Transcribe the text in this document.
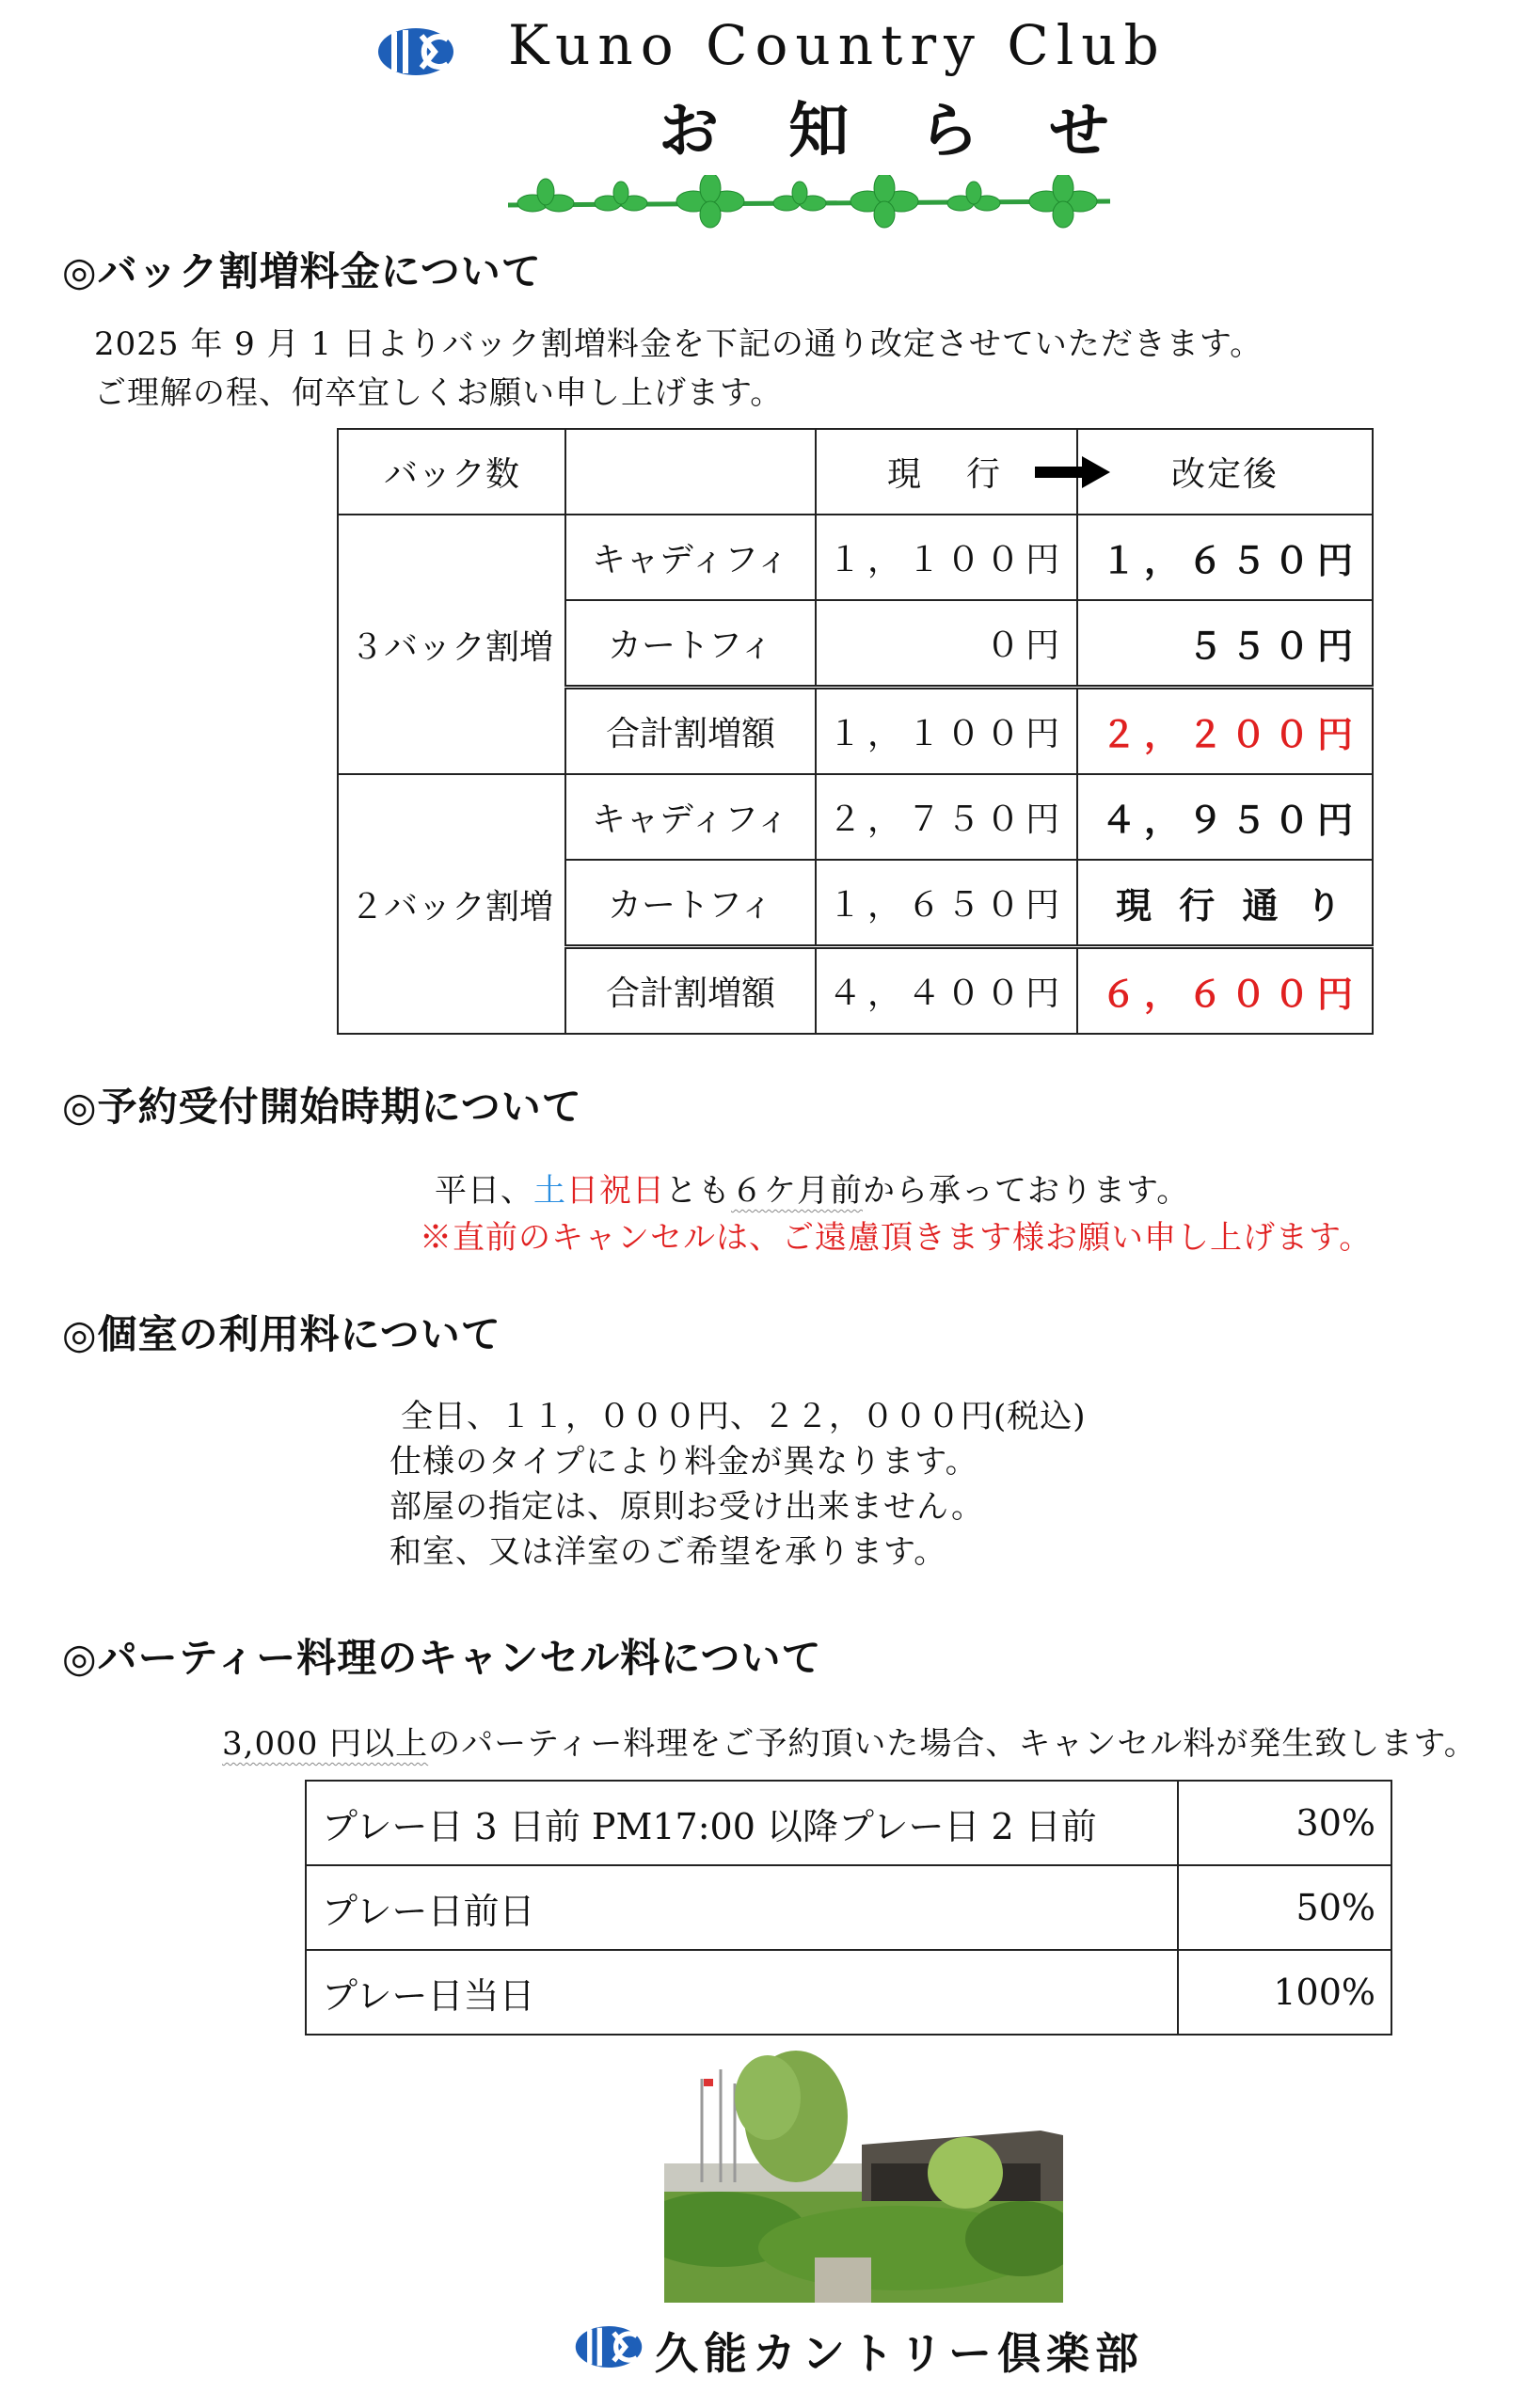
Kuno Country Club
お 知 ら せ
◎バック割増料金について
2025 年 9 月 1 日よりバック割増料金を下記の通り改定させていただきます。
ご理解の程、何卒宜しくお願い申し上げます。
バック数		現　行	改定後
３バック割増	キャディフィ	１，１００円	１，６５０円
	カートフィ	０円	５５０円
	合計割増額	１，１００円	２，２００円
２バック割増	キャディフィ	２，７５０円	４，９５０円
	カートフィ	１，６５０円	現 行 通 り
	合計割増額	４，４００円	６，６００円
◎予約受付開始時期について
平日、土日祝日とも６ケ月前から承っております。
※直前のキャンセルは、ご遠慮頂きます様お願い申し上げます。
◎個室の利用料について
全日、１１，０００円、２２，０００円(税込)
仕様のタイプにより料金が異なります。
部屋の指定は、原則お受け出来ません。
和室、又は洋室のご希望を承ります。
◎パーティー料理のキャンセル料について
3,000 円以上のパーティー料理をご予約頂いた場合、キャンセル料が発生致します。
プレー日 3 日前 PM17:00 以降プレー日 2 日前	30%
プレー日前日	50%
プレー日当日	100%
久能カントリー倶楽部
